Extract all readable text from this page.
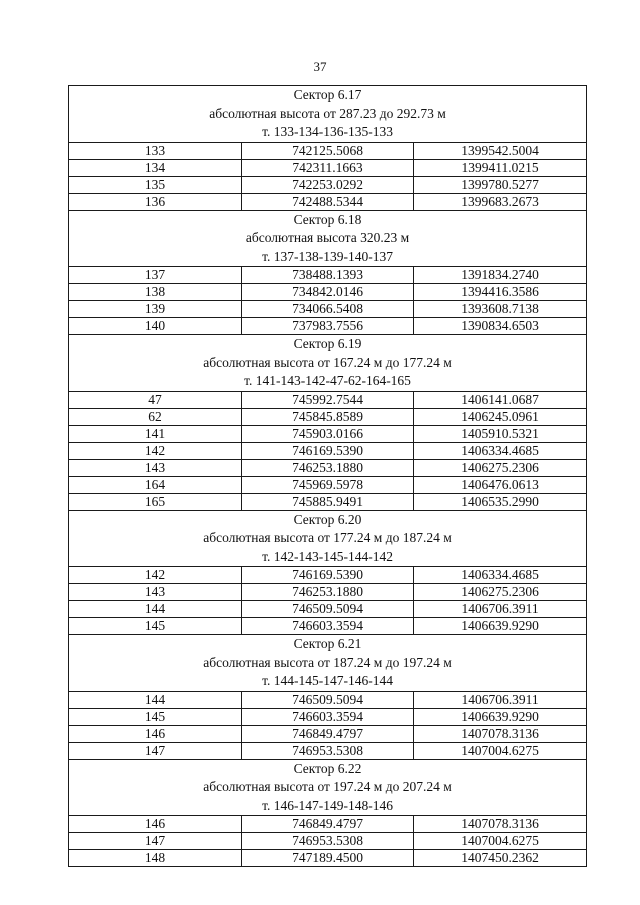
37
Сектор 6.17
абсолютная высота от 287.23 до 292.73 м
т. 133-134-136-135-133		

133	742125.5068	1399542.5004
134	742311.1663	1399411.0215
135	742253.0292	1399780.5277
136	742488.5344	1399683.2673

Сектор 6.18
абсолютная высота 320.23 м
т. 137-138-139-140-137		

137	738488.1393	1391834.2740
138	734842.0146	1394416.3586
139	734066.5408	1393608.7138
140	737983.7556	1390834.6503

Сектор 6.19
абсолютная высота от 167.24 м до 177.24 м
т. 141-143-142-47-62-164-165		

47	745992.7544	1406141.0687
62	745845.8589	1406245.0961
141	745903.0166	1405910.5321
142	746169.5390	1406334.4685
143	746253.1880	1406275.2306
164	745969.5978	1406476.0613
165	745885.9491	1406535.2990

Сектор 6.20
абсолютная высота от 177.24 м до 187.24 м
т. 142-143-145-144-142		

142	746169.5390	1406334.4685
143	746253.1880	1406275.2306
144	746509.5094	1406706.3911
145	746603.3594	1406639.9290

Сектор 6.21
абсолютная высота от 187.24 м до 197.24 м
т. 144-145-147-146-144		

144	746509.5094	1406706.3911
145	746603.3594	1406639.9290
146	746849.4797	1407078.3136
147	746953.5308	1407004.6275

Сектор 6.22
абсолютная высота от 197.24 м до 207.24 м
т. 146-147-149-148-146		

146	746849.4797	1407078.3136
147	746953.5308	1407004.6275
148	747189.4500	1407450.2362
